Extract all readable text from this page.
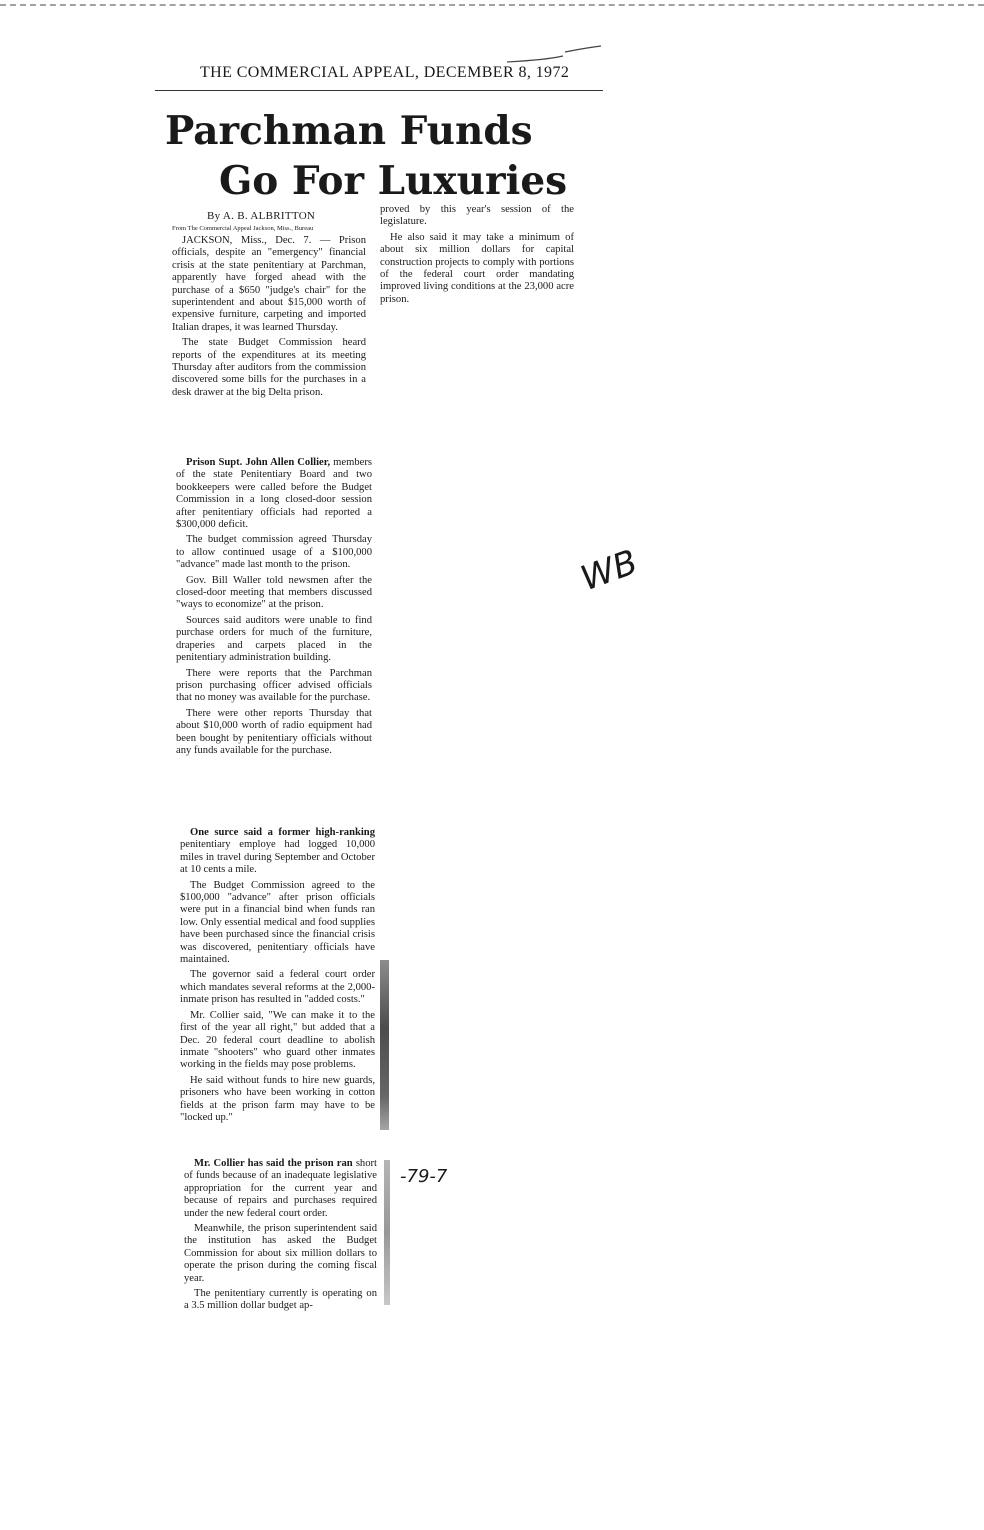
THE COMMERCIAL APPEAL, DECEMBER 8, 1972
Parchman Funds
Go For Luxuries
By A. B. ALBRITTON
From The Commercial Appeal Jackson, Miss., Bureau

JACKSON, Miss., Dec. 7. — Prison officials, despite an "emergency" financial crisis at the state penitentiary at Parchman, apparently have forged ahead with the purchase of a $650 "judge's chair" for the superintendent and about $15,000 worth of expensive furniture, carpeting and imported Italian drapes, it was learned Thursday.

The state Budget Commission heard reports of the expenditures at its meeting Thursday after auditors from the commission discovered some bills for the purchases in a desk drawer at the big Delta prison.

proved by this year's session of the legislature.

He also said it may take a minimum of about six million dollars for capital construction projects to comply with portions of the federal court order mandating improved living conditions at the 23,000 acre prison.

Prison Supt. John Allen Collier, members of the state Penitentiary Board and two bookkeepers were called before the Budget Commission in a long closed-door session after penitentiary officials had reported a $300,000 deficit.

The budget commission agreed Thursday to allow continued usage of a $100,000 "advance" made last month to the prison.

Gov. Bill Waller told newsmen after the closed-door meeting that members discussed "ways to economize" at the prison.

Sources said auditors were unable to find purchase orders for much of the furniture, draperies and carpets placed in the penitentiary administration building.

There were reports that the Parchman prison purchasing officer advised officials that no money was available for the purchase.

There were other reports Thursday that about $10,000 worth of radio equipment had been bought by penitentiary officials without any funds available for the purchase.

One surce said a former high-ranking penitentiary employe had logged 10,000 miles in travel during September and October at 10 cents a mile.

The Budget Commission agreed to the $100,000 "advance" after prison officials were put in a financial bind when funds ran low. Only essential medical and food supplies have been purchased since the financial crisis was discovered, penitentiary officials have maintained.

The governor said a federal court order which mandates several reforms at the 2,000-inmate prison has resulted in "added costs."

Mr. Collier said, "We can make it to the first of the year all right," but added that a Dec. 20 federal court deadline to abolish inmate "shooters" who guard other inmates working in the fields may pose problems.

He said without funds to hire new guards, prisoners who have been working in cotton fields at the prison farm may have to be "locked up."

Mr. Collier has said the prison ran short of funds because of an inadequate legislative appropriation for the current year and because of repairs and purchases required under the new federal court order.

Meanwhile, the prison superintendent said the institution has asked the Budget Commission for about six million dollars to operate the prison during the coming fiscal year.

The penitentiary currently is operating on a 3.5 million dollar budget ap-

WB
-79-7
